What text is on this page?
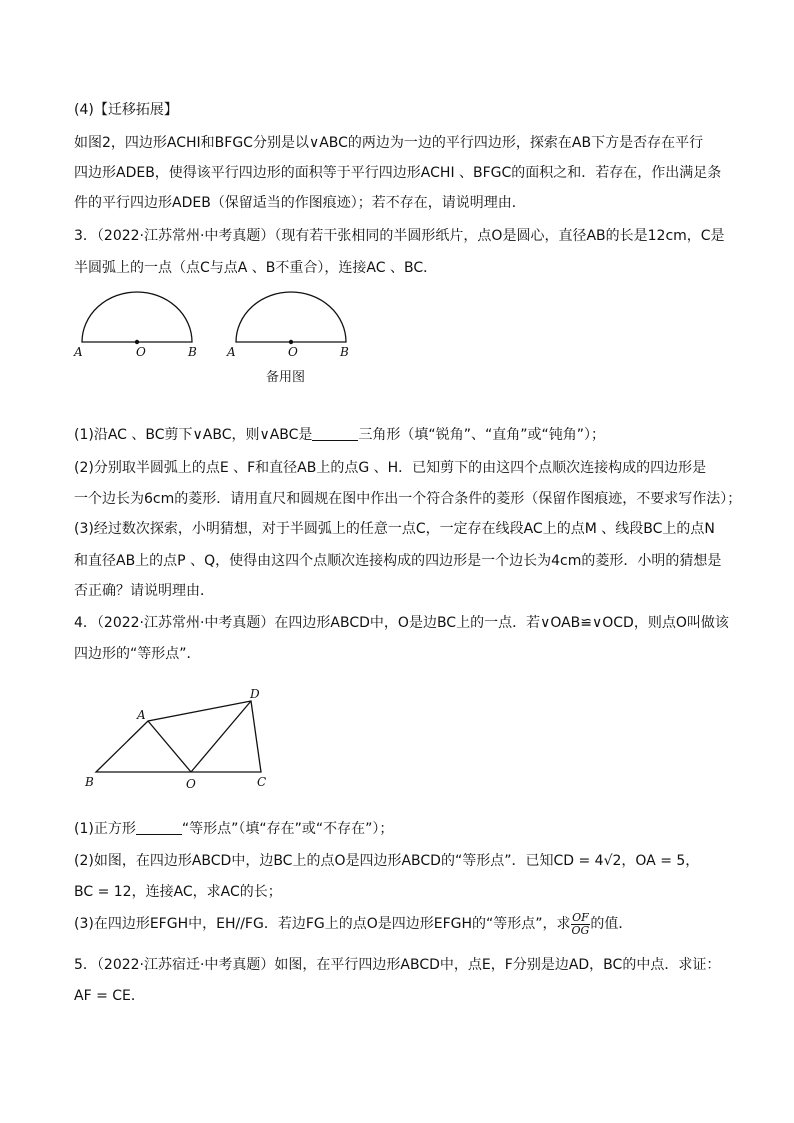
(4)【迁移拓展】
如图2，四边形ACHI和BFGC分别是以∨ABC的两边为一边的平行四边形，探索在AB下方是否存在平行
四边形ADEB，使得该平行四边形的面积等于平行四边形ACHI 、BFGC的面积之和．若存在，作出满足条
件的平行四边形ADEB（保留适当的作图痕迹）；若不存在，请说明理由．
3．（2022·江苏常州·中考真题）（现有若干张相同的半圆形纸片，点O是圆心，直径AB的长是12cm，C是
半圆弧上的一点（点C与点A 、B不重合），连接AC 、BC．
A	O	B	A	O	B
备用图
(1)沿AC 、BC剪下∨ABC，则∨ABC是	三角形（填“锐角”、“直角”或“钝角”）；
(2)分别取半圆弧上的点E 、F和直径AB上的点G 、H．已知剪下的由这四个点顺次连接构成的四边形是
一个边长为6cm的菱形．请用直尺和圆规在图中作出一个符合条件的菱形（保留作图痕迹，不要求写作法）；
(3)经过数次探索，小明猜想，对于半圆弧上的任意一点C，一定存在线段AC上的点M 、线段BC上的点N
和直径AB上的点P 、Q，使得由这四个点顺次连接构成的四边形是一个边长为4cm的菱形．小明的猜想是
否正确？请说明理由．
4．（2022·江苏常州·中考真题）在四边形ABCD中，O是边BC上的一点．若∨OAB≌∨OCD，则点O叫做该
四边形的“等形点”．
A
B	O	C
D
(1)正方形	“等形点”（填“存在”或“不存在”）；
(2)如图，在四边形ABCD中，边BC上的点O是四边形ABCD的“等形点”．已知CD = 4√2，OA = 5，
BC = 12，连接AC，求AC的长；
(3)在四边形EFGH中，EH//FG．若边FG上的点O是四边形EFGH的“等形点”，求 $\frac{OF}{OG}$ 的值．
5．（2022·江苏宿迁·中考真题）如图，在平行四边形ABCD中，点E，F分别是边AD，BC的中点．求证：
AF = CE．
